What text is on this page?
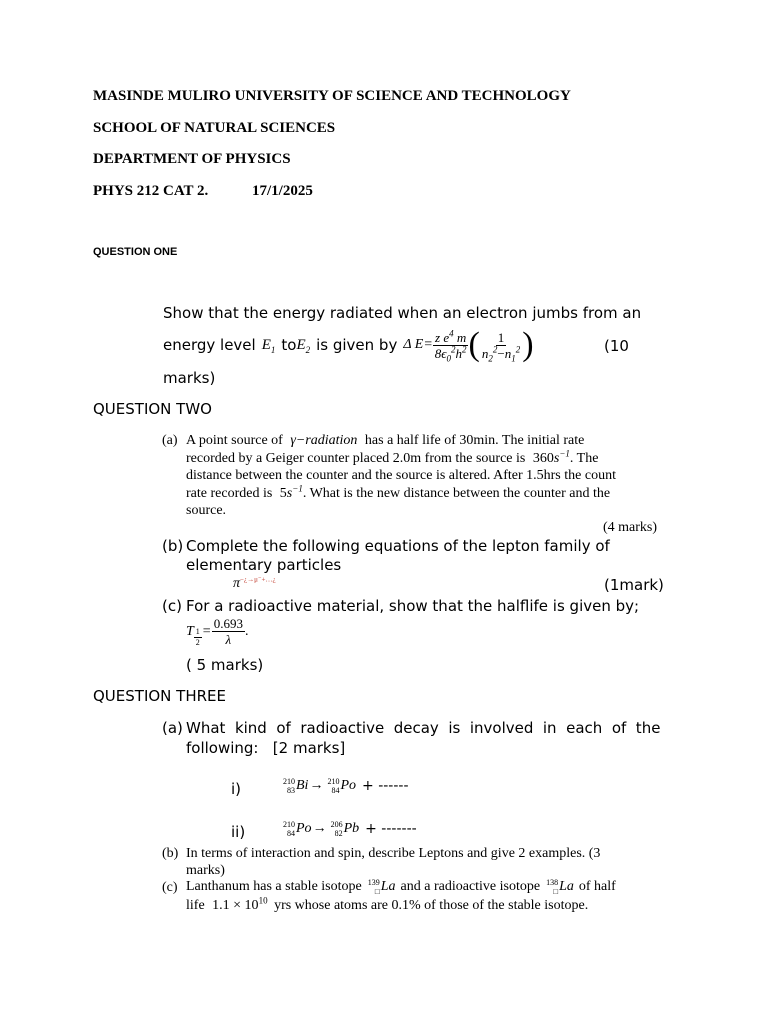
MASINDE MULIRO UNIVERSITY OF SCIENCE AND TECHNOLOGY
SCHOOL OF NATURAL SCIENCES
DEPARTMENT OF PHYSICS
PHYS 212 CAT 2.	17/1/2025
QUESTION ONE
Show that the energy radiated when an electron jumbs from an
energy level $E_1$ to $E_2$ is given by Δ $E= \frac{z e^4 m}{8\epsilon_0^2h^2}$ ( $\frac{1}{n_2^2-n_1^2}$ )	(10
marks)
QUESTION TWO
(a) A point source of γ−radiation has a half life of 30min. The initial rate
recorded by a Geiger counter placed 2.0m from the source is $360s^{-1}$. The
distance between the counter and the source is altered. After 1.5hrs the count
rate recorded is $5s^{-1}$. What is the new distance between the counter and the
source.
(4 marks)
(b) Complete the following equations of the lepton family of
elementary particles
$\pi^{-¿\to\mu^-+\dots¿}$	(1mark)
(c) For a radioactive material, show that the halflife is given by;
T $\frac{1}{2} = \frac{0.693}{\lambda}$ .
( 5 marks)
QUESTION THREE
(a) What  kind  of  radioactive  decay  is  involved  in  each  of  the
following:   [2 marks]
i)	210
83 Bi → 210
84 Po + ------
ii)	210
84 Po → 206
82 Pb + -------
(b) In terms of interaction and spin, describe Leptons and give 2 examples. (3
marks)
(c) Lanthanum has a stable isotope 139
□ La and a radioactive isotope 138
□ La of half
life $1.1 \times 10^{10}$ yrs whose atoms are 0.1% of those of the stable isotope.
